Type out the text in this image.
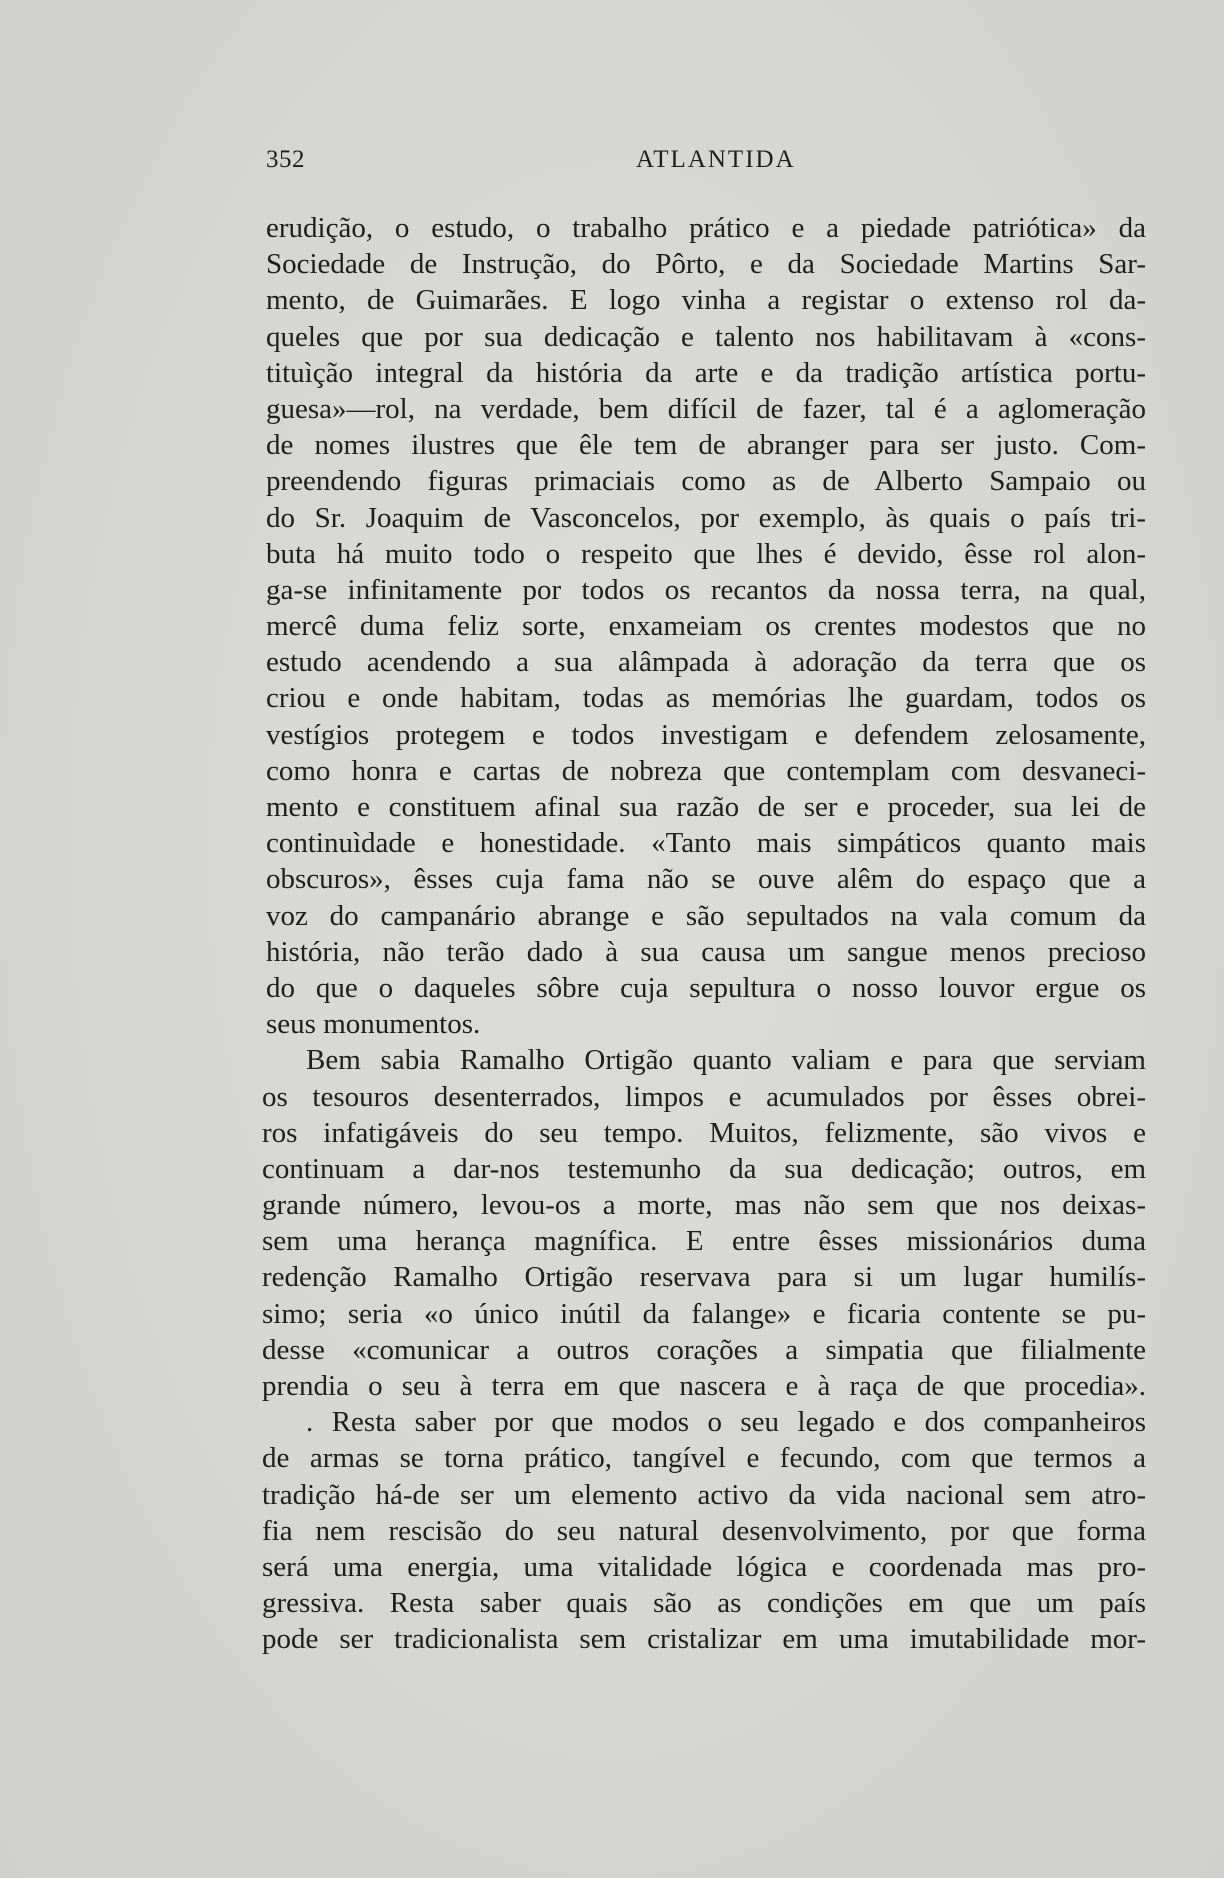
352	ATLANTIDA
erudição, o estudo, o trabalho prático e a piedade patriótica» da
Sociedade de Instrução, do Pôrto, e da Sociedade Martins Sar-
mento, de Guimarães. E logo vinha a registar o extenso rol da-
queles que por sua dedicação e talento nos habilitavam à «cons-
tituìção integral da história da arte e da tradição artística portu-
guesa»—rol, na verdade, bem difícil de fazer, tal é a aglomeração
de nomes ilustres que êle tem de abranger para ser justo. Com-
preendendo figuras primaciais como as de Alberto Sampaio ou
do Sr. Joaquim de Vasconcelos, por exemplo, às quais o país tri-
buta há muito todo o respeito que lhes é devido, êsse rol alon-
ga-se infinitamente por todos os recantos da nossa terra, na qual,
mercê duma feliz sorte, enxameiam os crentes modestos que no
estudo acendendo a sua alâmpada à adoração da terra que os
criou e onde habitam, todas as memórias lhe guardam, todos os
vestígios protegem e todos investigam e defendem zelosamente,
como honra e cartas de nobreza que contemplam com desvaneci-
mento e constituem afinal sua razão de ser e proceder, sua lei de
continuìdade e honestidade. «Tanto mais simpáticos quanto mais
obscuros», êsses cuja fama não se ouve alêm do espaço que a
voz do campanário abrange e são sepultados na vala comum da
história, não terão dado à sua causa um sangue menos precioso
do que o daqueles sôbre cuja sepultura o nosso louvor ergue os
seus monumentos.
Bem sabia Ramalho Ortigão quanto valiam e para que serviam
os tesouros desenterrados, limpos e acumulados por êsses obrei-
ros infatigáveis do seu tempo. Muitos, felizmente, são vivos e
continuam a dar-nos testemunho da sua dedicação; outros, em
grande número, levou-os a morte, mas não sem que nos deixas-
sem uma herança magnífica. E entre êsses missionários duma
redenção Ramalho Ortigão reservava para si um lugar humilís-
simo; seria «o único inútil da falange» e ficaria contente se pu-
desse «comunicar a outros corações a simpatia que filialmente
prendia o seu à terra em que nascera e à raça de que procedia».
. Resta saber por que modos o seu legado e dos companheiros
de armas se torna prático, tangível e fecundo, com que termos a
tradição há-de ser um elemento activo da vida nacional sem atro-
fia nem rescisão do seu natural desenvolvimento, por que forma
será uma energia, uma vitalidade lógica e coordenada mas pro-
gressiva. Resta saber quais são as condições em que um país
pode ser tradicionalista sem cristalizar em uma imutabilidade mor-
